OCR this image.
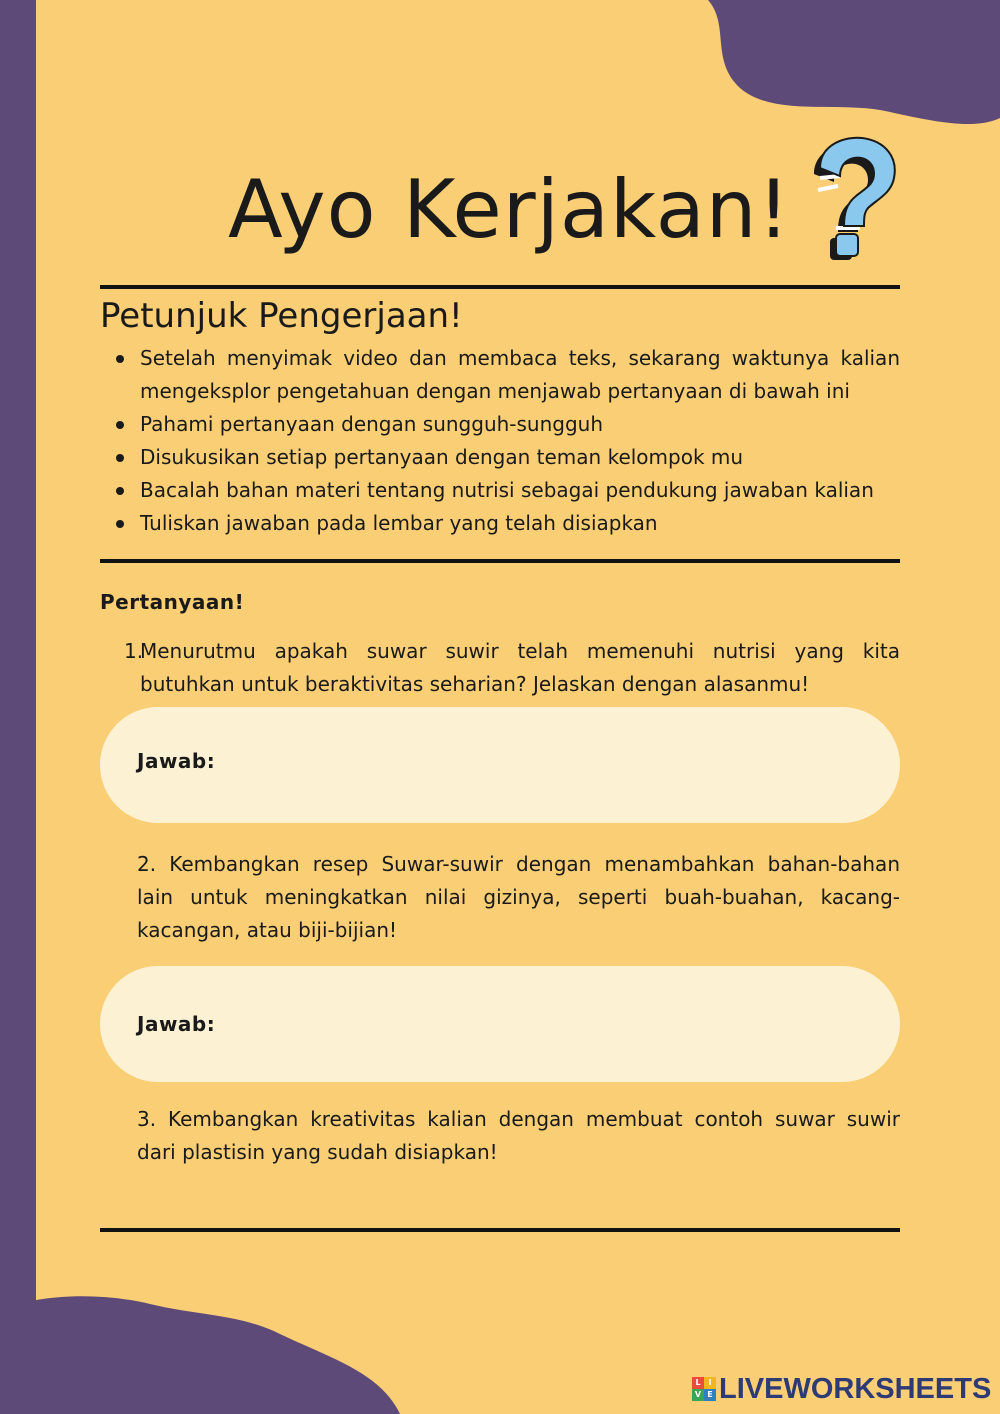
Ayo Kerjakan!
Petunjuk Pengerjaan!
Setelah menyimak video dan membaca teks, sekarang waktunya kalian mengeksplor pengetahuan dengan menjawab pertanyaan di bawah ini
Pahami pertanyaan dengan sungguh-sungguh
Disukusikan setiap pertanyaan dengan teman kelompok mu
Bacalah bahan materi tentang nutrisi sebagai pendukung jawaban kalian
Tuliskan jawaban pada lembar yang telah disiapkan
Pertanyaan!
1.

Menurutmu apakah suwar suwir telah memenuhi nutrisi yang kita butuhkan untuk beraktivitas seharian? Jelaskan dengan alasanmu!

Jawab:

2. Kembangkan resep Suwar-suwir dengan menambahkan bahan-bahan lain untuk meningkatkan nilai gizinya, seperti buah-buahan, kacang-kacangan, atau biji-bijian!

Jawab:

3. Kembangkan kreativitas kalian dengan membuat contoh suwar suwir dari plastisin yang sudah disiapkan!

L I
V E LIVEWORKSHEETS
